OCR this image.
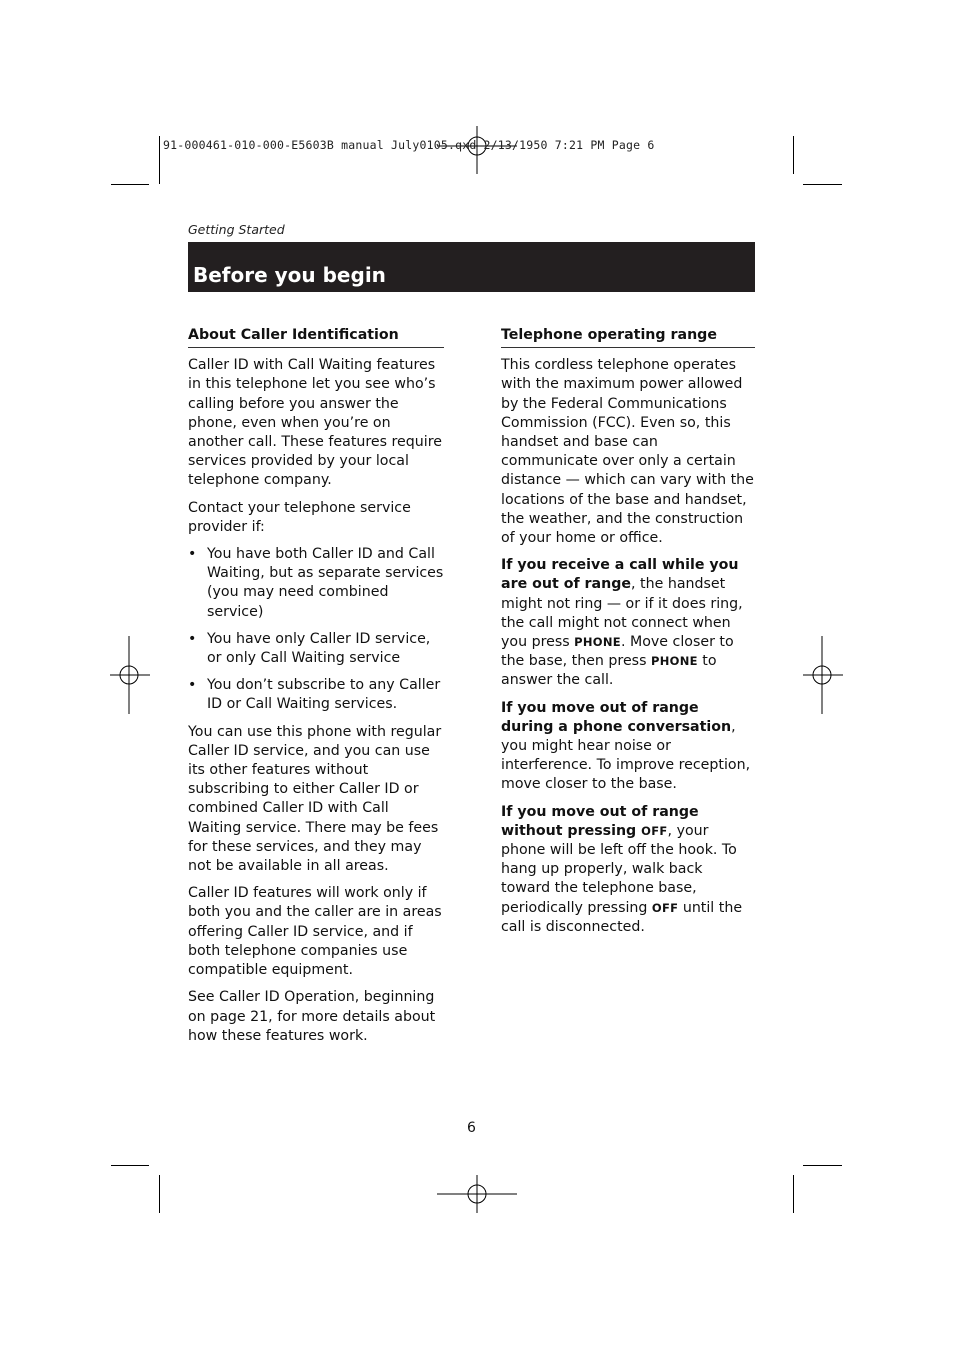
91-000461-010-000-E5603B manual July0105.qxd 2/13/1950 7:21 PM Page 6
Getting Started
Before you begin
About Caller Identification

Caller ID with Call Waiting features in this telephone let you see who’s calling before you answer the phone, even when you’re on another call. These features require services provided by your local telephone company.

Contact your telephone service provider if:

• You have both Caller ID and Call Waiting, but as separate services (you may need combined service)
• You have only Caller ID service, or only Call Waiting service
• You don’t subscribe to any Caller ID or Call Waiting services.

You can use this phone with regular Caller ID service, and you can use its other features without subscribing to either Caller ID or combined Caller ID with Call Waiting service. There may be fees for these services, and they may not be available in all areas.

Caller ID features will work only if both you and the caller are in areas offering Caller ID service, and if both telephone companies use compatible equipment.

See Caller ID Operation, beginning on page 21, for more details about how these features work.

Telephone operating range

This cordless telephone operates with the maximum power allowed by the Federal Communications Commission (FCC). Even so, this handset and base can communicate over only a certain distance — which can vary with the locations of the base and handset, the weather, and the construction of your home or office.

If you receive a call while you are out of range, the handset might not ring — or if it does ring, the call might not connect when you press PHONE. Move closer to the base, then press PHONE to answer the call.

If you move out of range during a phone conversation, you might hear noise or interference. To improve reception, move closer to the base.

If you move out of range without pressing OFF, your phone will be left off the hook. To hang up properly, walk back toward the telephone base, periodically pressing OFF until the call is disconnected.

6
